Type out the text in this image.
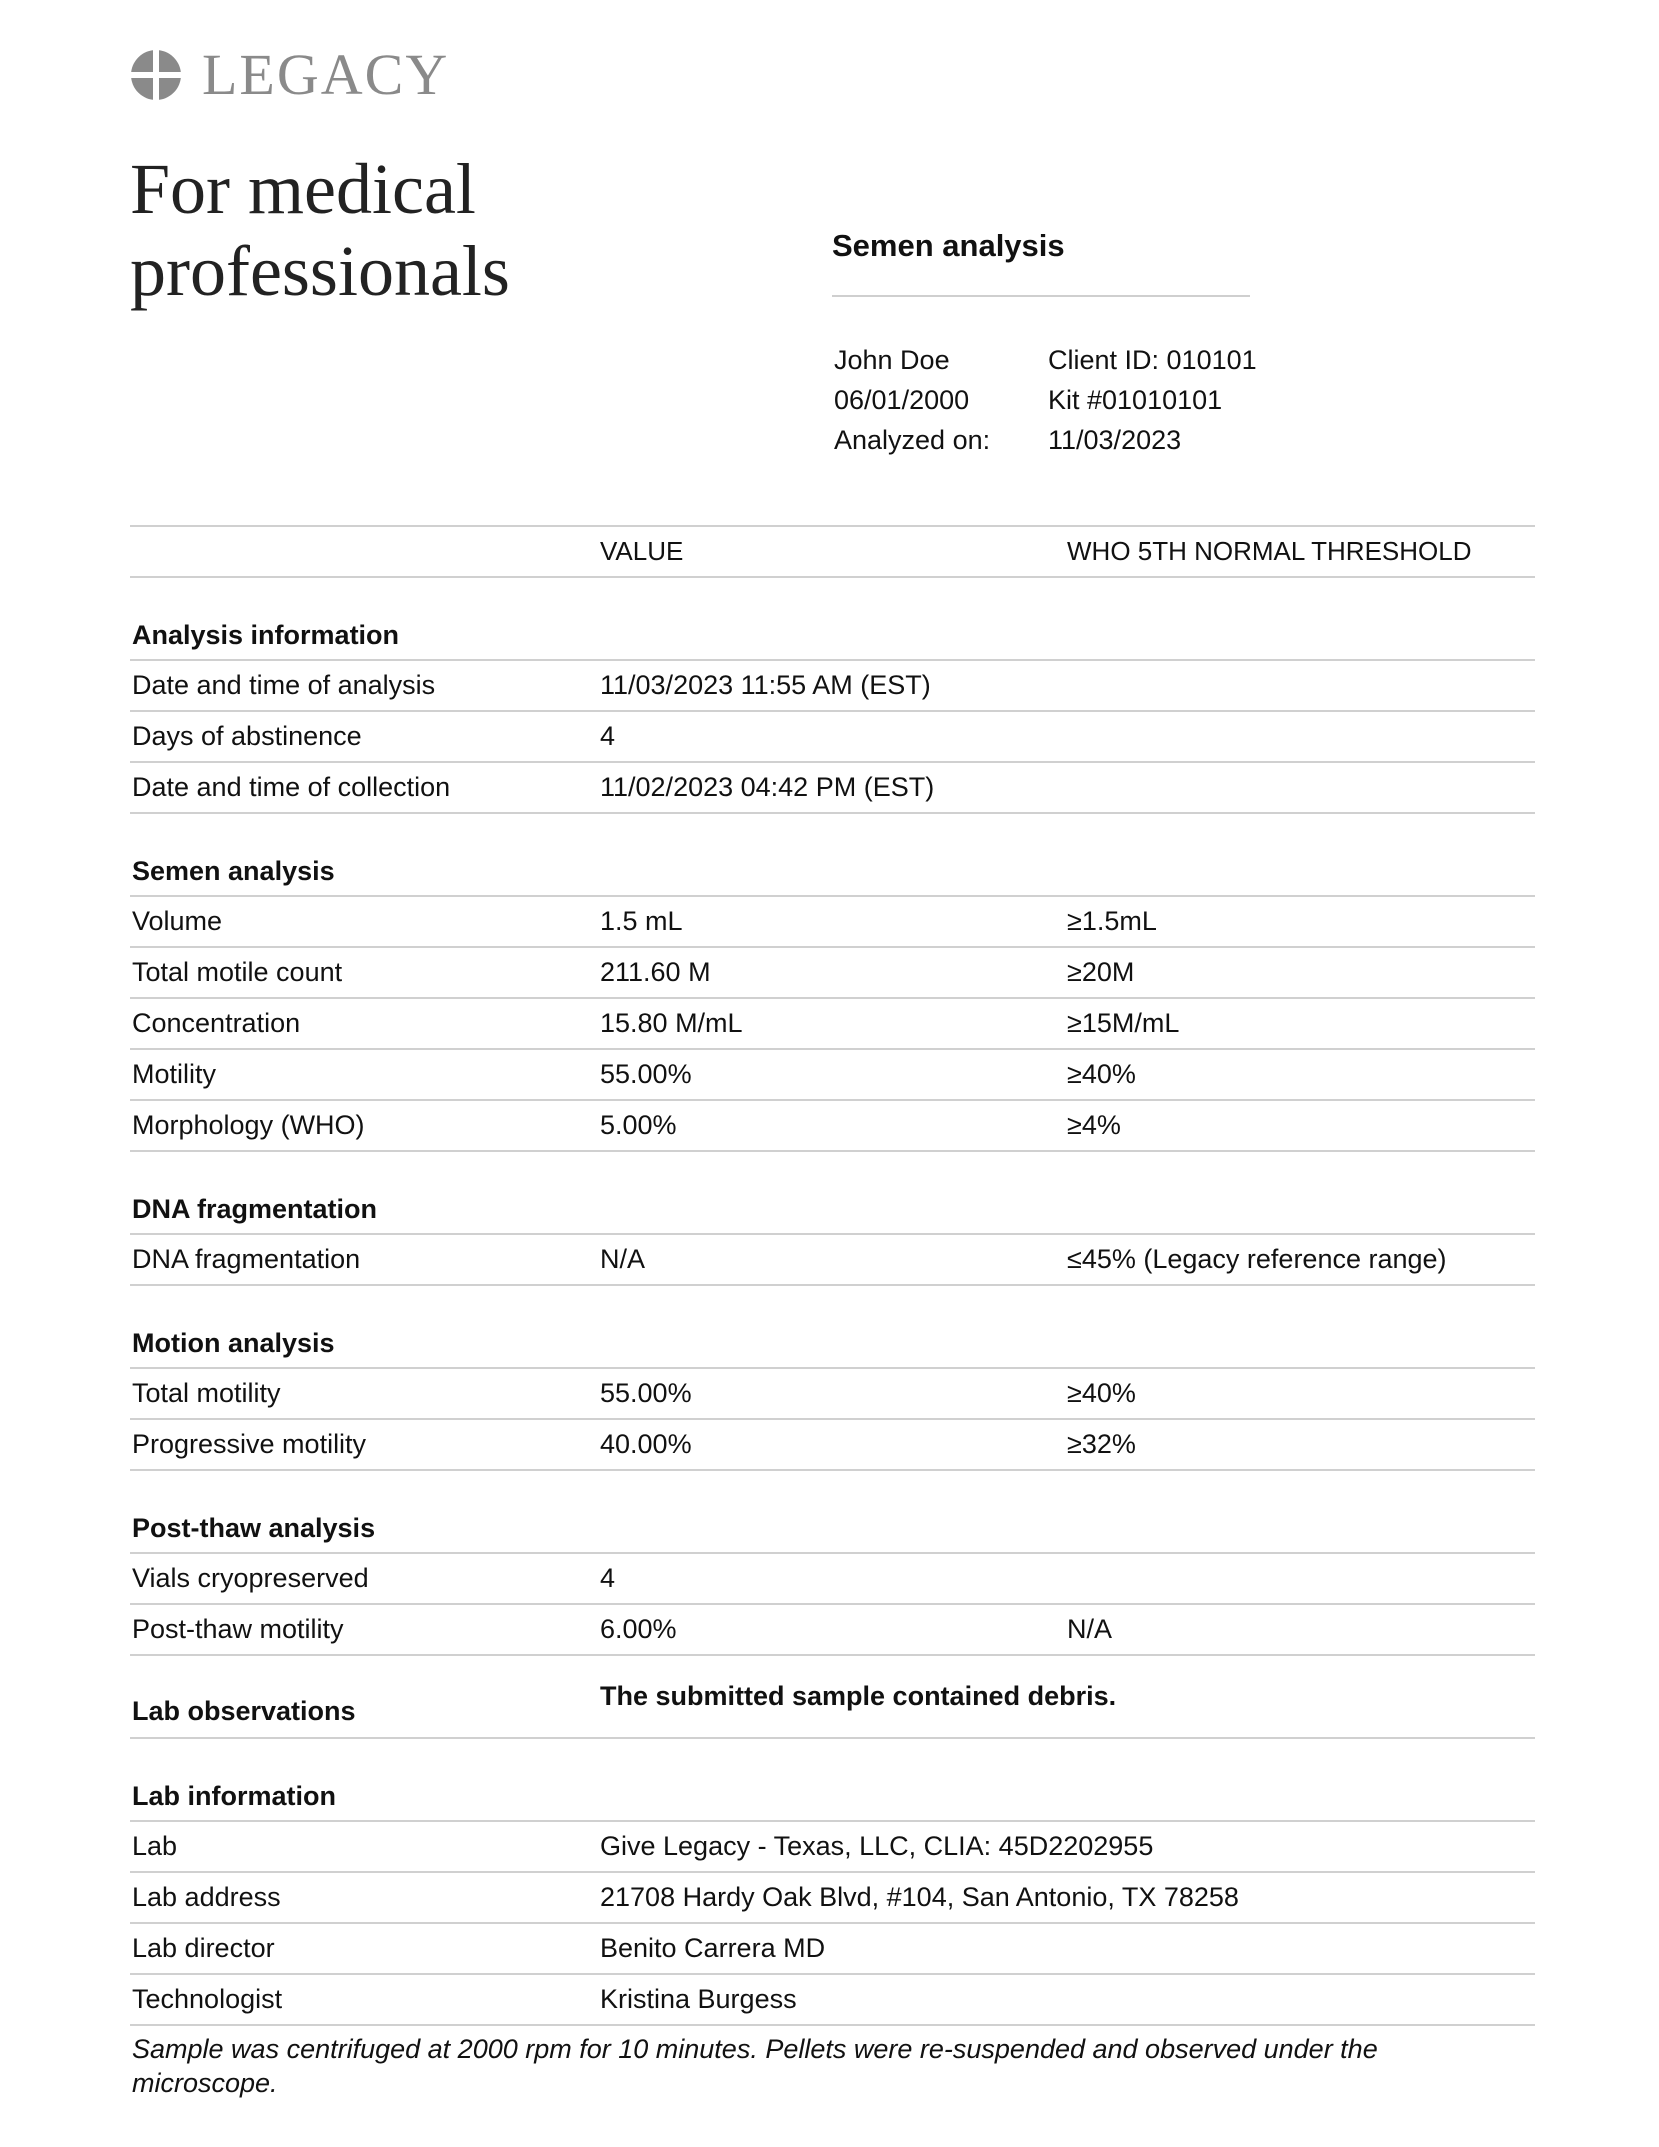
LEGACY
For medical professionals	Semen analysis
John Doe	Client ID: 010101
06/01/2000	Kit #01010101
Analyzed on:	11/03/2023
VALUE	WHO 5TH NORMAL THRESHOLD
Analysis information
Date and time of analysis	11/03/2023 11:55 AM (EST)
Days of abstinence	4
Date and time of collection	11/02/2023 04:42 PM (EST)
Semen analysis
Volume	1.5 mL	≥1.5mL
Total motile count	211.60 M	≥20M
Concentration	15.80 M/mL	≥15M/mL
Motility	55.00%	≥40%
Morphology (WHO)	5.00%	≥4%
DNA fragmentation
DNA fragmentation	N/A	≤45% (Legacy reference range)
Motion analysis
Total motility	55.00%	≥40%
Progressive motility	40.00%	≥32%
Post-thaw analysis
Vials cryopreserved	4
Post-thaw motility	6.00%	N/A
Lab observations	The submitted sample contained debris.
Lab information
Lab	Give Legacy - Texas, LLC, CLIA: 45D2202955
Lab address	21708 Hardy Oak Blvd, #104, San Antonio, TX 78258
Lab director	Benito Carrera MD
Technologist	Kristina Burgess
Sample was centrifuged at 2000 rpm for 10 minutes. Pellets were re-suspended and observed under the microscope.
